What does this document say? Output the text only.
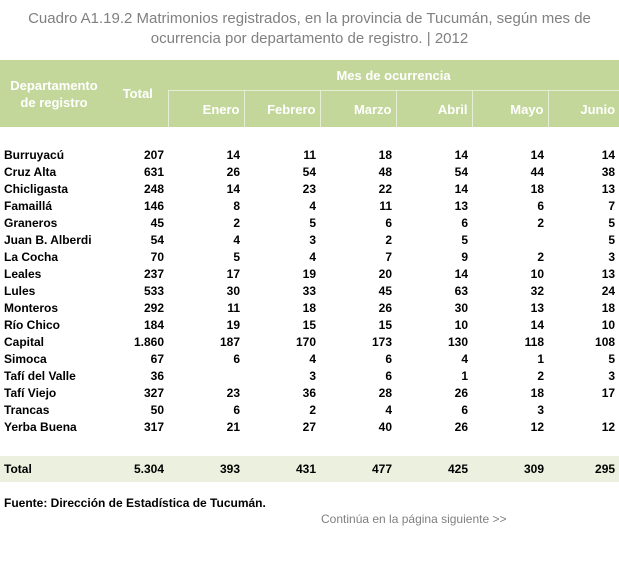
Cuadro A1.19.2 Matrimonios registrados, en la provincia de Tucumán, según mes de
ocurrencia por departamento de registro. | 2012
Departamento
de registro	Total	Mes de ocurrencia					
		Enero	Febrero	Marzo	Abril	Mayo	Junio

Burruyacú	207	14	11	18	14	14	14
Cruz Alta	631	26	54	48	54	44	38
Chicligasta	248	14	23	22	14	18	13
Famaillá	146	8	4	11	13	6	7
Graneros	45	2	5	6	6	2	5
Juan B. Alberdi	54	4	3	2	5		5
La Cocha	70	5	4	7	9	2	3
Leales	237	17	19	20	14	10	13
Lules	533	30	33	45	63	32	24
Monteros	292	11	18	26	30	13	18
Río Chico	184	19	15	15	10	14	10
Capital	1.860	187	170	173	130	118	108
Simoca	67	6	4	6	4	1	5
Tafí del Valle	36		3	6	1	2	3
Tafí Viejo	327	23	36	28	26	18	17
Trancas	50	6	2	4	6	3	
Yerba Buena	317	21	27	40	26	12	12

Total	5.304	393	431	477	425	309	295
Fuente: Dirección de Estadística de Tucumán.
Continúa en la página siguiente >>
